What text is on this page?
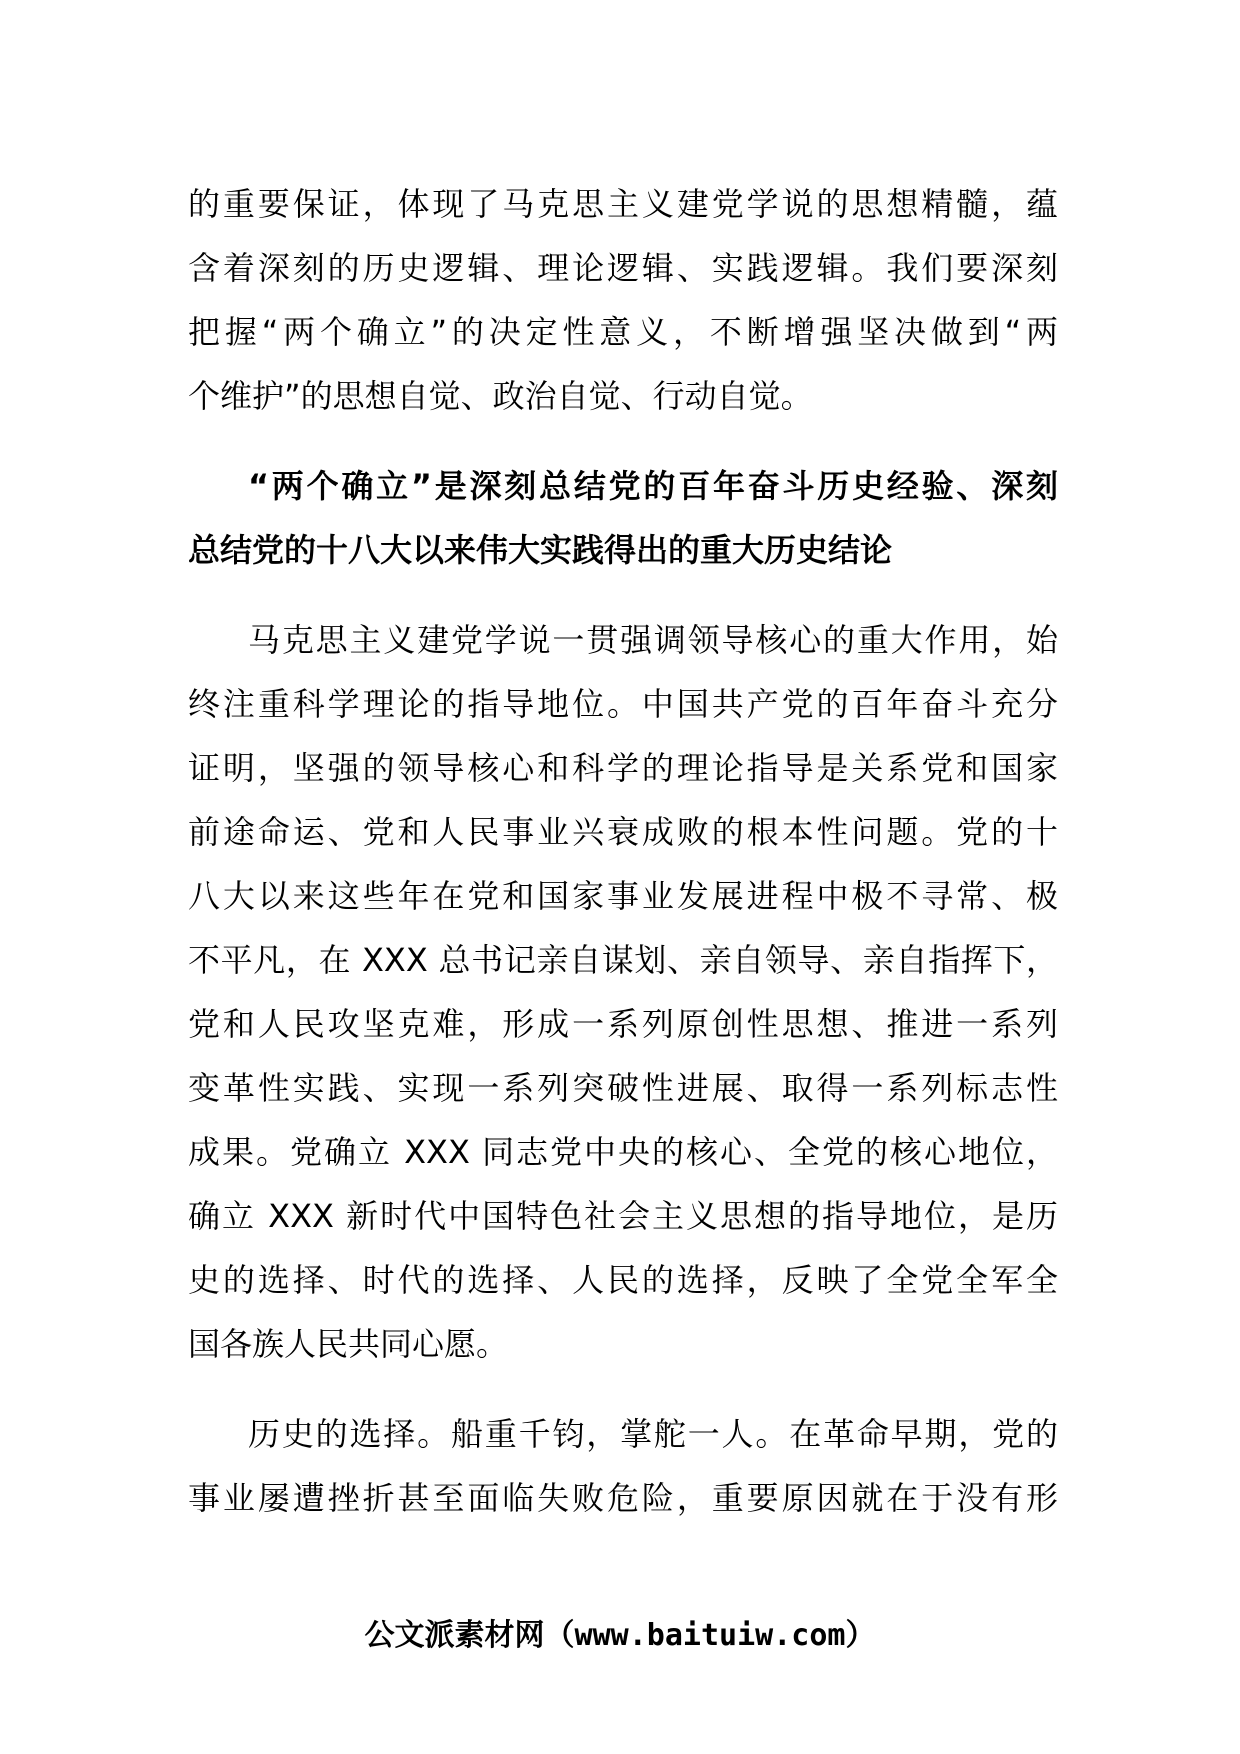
的重要保证，体现了马克思主义建党学说的思想精髓，蕴
含着深刻的历史逻辑、理论逻辑、实践逻辑。我们要深刻
把握“两个确立”的决定性意义，不断增强坚决做到“两
个维护”的思想自觉、政治自觉、行动自觉。
“两个确立”是深刻总结党的百年奋斗历史经验、深刻
总结党的十八大以来伟大实践得出的重大历史结论
马克思主义建党学说一贯强调领导核心的重大作用，始
终注重科学理论的指导地位。中国共产党的百年奋斗充分
证明，坚强的领导核心和科学的理论指导是关系党和国家
前途命运、党和人民事业兴衰成败的根本性问题。党的十
八大以来这些年在党和国家事业发展进程中极不寻常、极
不平凡，在 XXX 总书记亲自谋划、亲自领导、亲自指挥下，
党和人民攻坚克难，形成一系列原创性思想、推进一系列
变革性实践、实现一系列突破性进展、取得一系列标志性
成果。党确立 XXX 同志党中央的核心、全党的核心地位，
确立 XXX 新时代中国特色社会主义思想的指导地位，是历
史的选择、时代的选择、人民的选择，反映了全党全军全
国各族人民共同心愿。
历史的选择。船重千钧，掌舵一人。在革命早期，党的
事业屡遭挫折甚至面临失败危险，重要原因就在于没有形
公文派素材网（www.baituiw.com）
